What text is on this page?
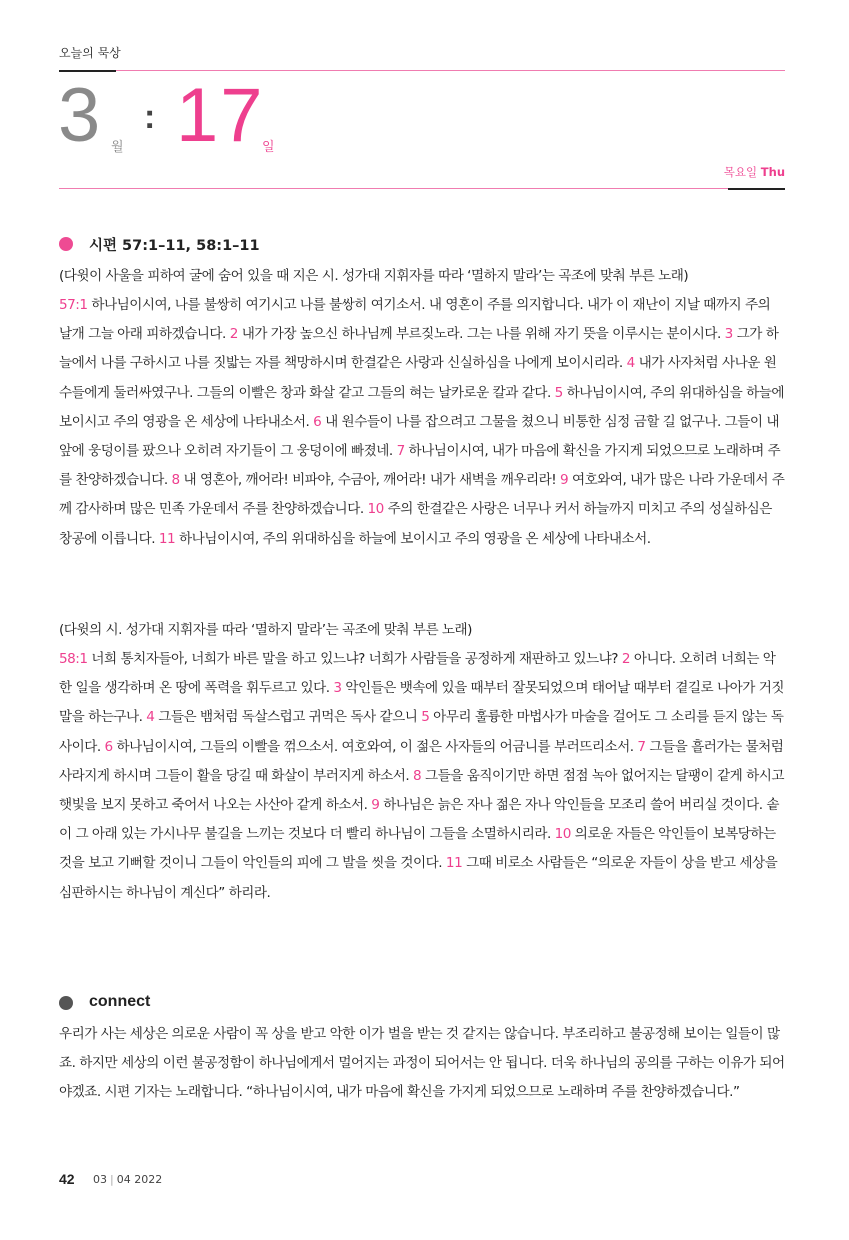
오늘의 묵상
3 월
: 17
일
목요일 Thu
시편 57:1–11, 58:1–11
(다윗이 사울을 피하여 굴에 숨어 있을 때 지은 시. 성가대 지휘자를 따라 ‘멸하지 말라’는 곡조에 맞춰 부른 노래)
57:1 하나님이시여, 나를 불쌍히 여기시고 나를 불쌍히 여기소서. 내 영혼이 주를 의지합니다. 내가 이 재난이 지날 때까지 주의 날개 그늘 아래 피하겠습니다. 2 내가 가장 높으신 하나님께 부르짖노라. 그는 나를 위해 자기 뜻을 이루시는 분이시다. 3 그가 하늘에서 나를 구하시고 나를 짓밟는 자를 책망하시며 한결같은 사랑과 신실하심을 나에게 보이시리라. 4 내가 사자처럼 사나운 원수들에게 둘러싸였구나. 그들의 이빨은 창과 화살 같고 그들의 혀는 날카로운 칼과 같다. 5 하나님이시여, 주의 위대하심을 하늘에 보이시고 주의 영광을 온 세상에 나타내소서. 6 내 원수들이 나를 잡으려고 그물을 쳤으니 비통한 심정 금할 길 없구나. 그들이 내 앞에 웅덩이를 팠으나 오히려 자기들이 그 웅덩이에 빠졌네. 7 하나님이시여, 내가 마음에 확신을 가지게 되었으므로 노래하며 주를 찬양하겠습니다. 8 내 영혼아, 깨어라! 비파야, 수금아, 깨어라! 내가 새벽을 깨우리라! 9 여호와여, 내가 많은 나라 가운데서 주께 감사하며 많은 민족 가운데서 주를 찬양하겠습니다. 10 주의 한결같은 사랑은 너무나 커서 하늘까지 미치고 주의 성실하심은 창공에 이릅니다. 11 하나님이시여, 주의 위대하심을 하늘에 보이시고 주의 영광을 온 세상에 나타내소서.
(다윗의 시. 성가대 지휘자를 따라 ‘멸하지 말라’는 곡조에 맞춰 부른 노래)
58:1 너희 통치자들아, 너희가 바른 말을 하고 있느냐? 너희가 사람들을 공정하게 재판하고 있느냐? 2 아니다. 오히려 너희는 악한 일을 생각하며 온 땅에 폭력을 휘두르고 있다. 3 악인들은 뱃속에 있을 때부터 잘못되었으며 태어날 때부터 곁길로 나아가 거짓말을 하는구나. 4 그들은 뱀처럼 독살스럽고 귀먹은 독사 같으니 5 아무리 훌륭한 마법사가 마술을 걸어도 그 소리를 듣지 않는 독사이다. 6 하나님이시여, 그들의 이빨을 꺾으소서. 여호와여, 이 젊은 사자들의 어금니를 부러뜨리소서. 7 그들을 흘러가는 물처럼 사라지게 하시며 그들이 활을 당길 때 화살이 부러지게 하소서. 8 그들을 움직이기만 하면 점점 녹아 없어지는 달팽이 같게 하시고 햇빛을 보지 못하고 죽어서 나오는 사산아 같게 하소서. 9 하나님은 늙은 자나 젊은 자나 악인들을 모조리 쓸어 버리실 것이다. 솥이 그 아래 있는 가시나무 불길을 느끼는 것보다 더 빨리 하나님이 그들을 소멸하시리라. 10 의로운 자들은 악인들이 보복당하는 것을 보고 기뻐할 것이니 그들이 악인들의 피에 그 발을 씻을 것이다. 11 그때 비로소 사람들은 “의로운 자들이 상을 받고 세상을 심판하시는 하나님이 계신다” 하리라.
connect
우리가 사는 세상은 의로운 사람이 꼭 상을 받고 악한 이가 벌을 받는 것 같지는 않습니다. 부조리하고 불공정해 보이는 일들이 많죠. 하지만 세상의 이런 불공정함이 하나님에게서 멀어지는 과정이 되어서는 안 됩니다. 더욱 하나님의 공의를 구하는 이유가 되어야겠죠. 시편 기자는 노래합니다. “하나님이시여, 내가 마음에 확신을 가지게 되었으므로 노래하며 주를 찬양하겠습니다.”
42 03 | 04 2022
